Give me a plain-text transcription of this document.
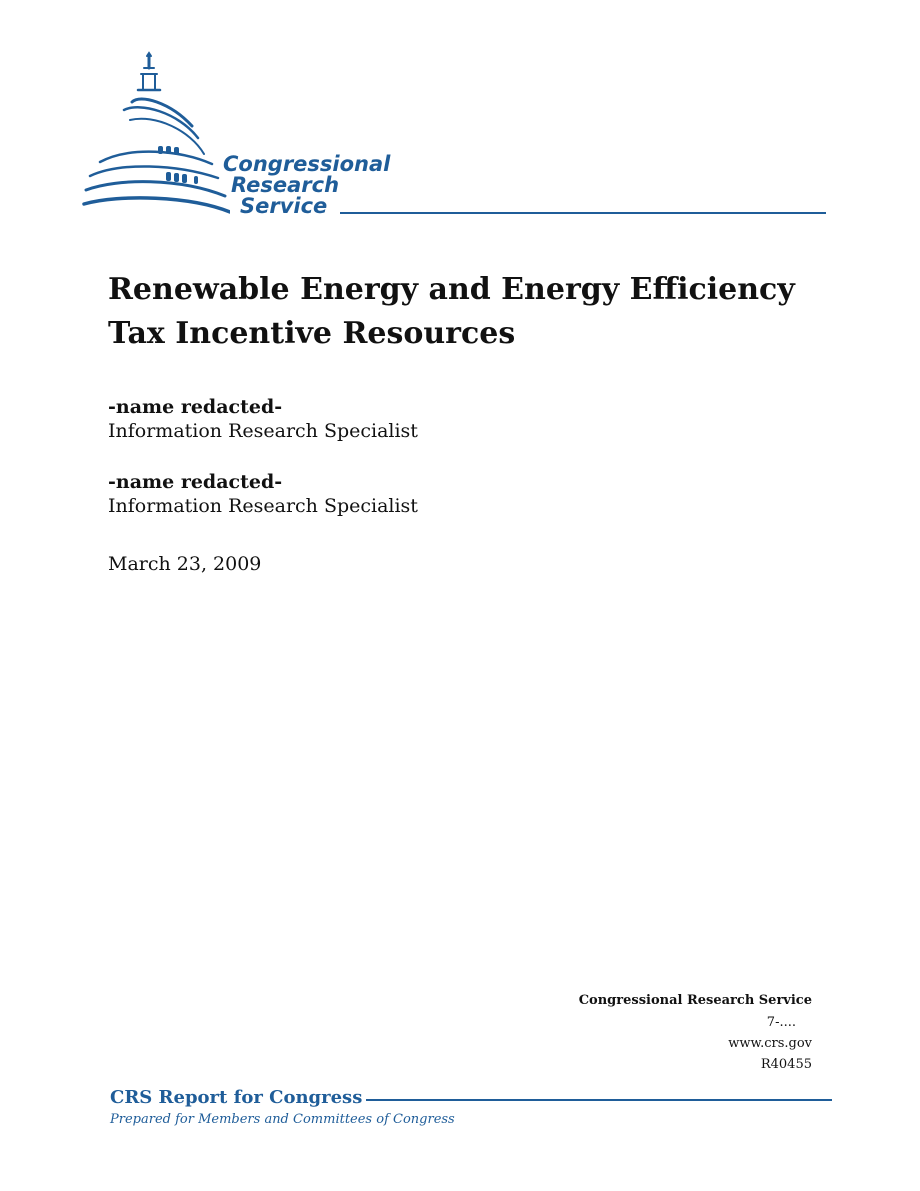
Congressional
Research
Service
Renewable Energy and Energy Efficiency Tax Incentive Resources
-name redacted-
Information Research Specialist
-name redacted-
Information Research Specialist
March 23, 2009
Congressional Research Service
7-....
www.crs.gov
R40455
CRS Report for Congress
Prepared for Members and Committees of Congress
